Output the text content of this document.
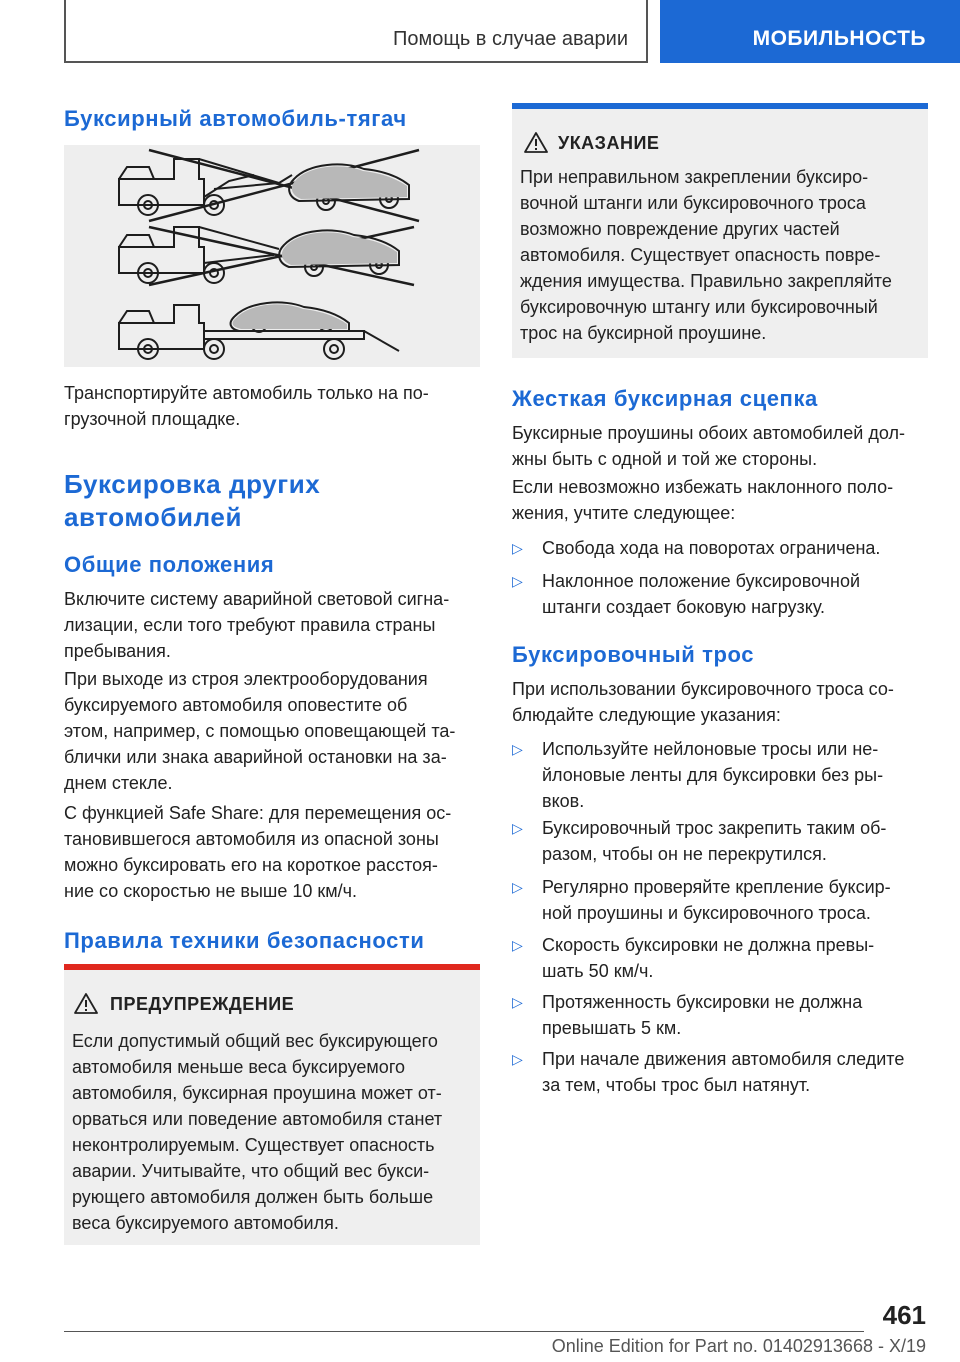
Помощь в случае аварии	МОБИЛЬНОСТЬ
Буксирный автомобиль-тягач
Транспортируйте автомобиль только на по-
грузочной площадке.
Буксировка других
автомобилей
Общие положения
Включите систему аварийной световой сигна-
лизации, если того требуют правила страны
пребывания.
При выходе из строя электрооборудования
буксируемого автомобиля оповестите об
этом, например, с помощью оповещающей та-
блички или знака аварийной остановки на за-
днем стекле.
С функцией Safe Share: для перемещения ос-
тановившегося автомобиля из опасной зоны
можно буксировать его на короткое расстоя-
ние со скоростью не выше 10 км/ч.
Правила техники безопасности
ПРЕДУПРЕЖДЕНИЕ
Если допустимый общий вес буксирующего
автомобиля меньше веса буксируемого
автомобиля, буксирная проушина может от-
орваться или поведение автомобиля станет
неконтролируемым. Существует опасность
аварии. Учитывайте, что общий вес букси-
рующего автомобиля должен быть больше
веса буксируемого автомобиля.
УКАЗАНИЕ
При неправильном закреплении буксиро-
вочной штанги или буксировочного троса
возможно повреждение других частей
автомобиля. Существует опасность повре-
ждения имущества. Правильно закрепляйте
буксировочную штангу или буксировочный
трос на буксирной проушине.
Жесткая буксирная сцепка
Буксирные проушины обоих автомобилей дол-
жны быть с одной и той же стороны.
Если невозможно избежать наклонного поло-
жения, учтите следующее:
▷ Свобода хода на поворотах ограничена.
▷ Наклонное положение буксировочной
штанги создает боковую нагрузку.
Буксировочный трос
При использовании буксировочного троса со-
блюдайте следующие указания:
▷ Используйте нейлоновые тросы или не-
йлоновые ленты для буксировки без ры-
вков.
▷ Буксировочный трос закрепить таким об-
разом, чтобы он не перекрутился.
▷ Регулярно проверяйте крепление буксир-
ной проушины и буксировочного троса.
▷ Скорость буксировки не должна превы-
шать 50 км/ч.
▷ Протяженность буксировки не должна
превышать 5 км.
▷ При начале движения автомобиля следите
за тем, чтобы трос был натянут.
461
Online Edition for Part no. 01402913668 - X/19
